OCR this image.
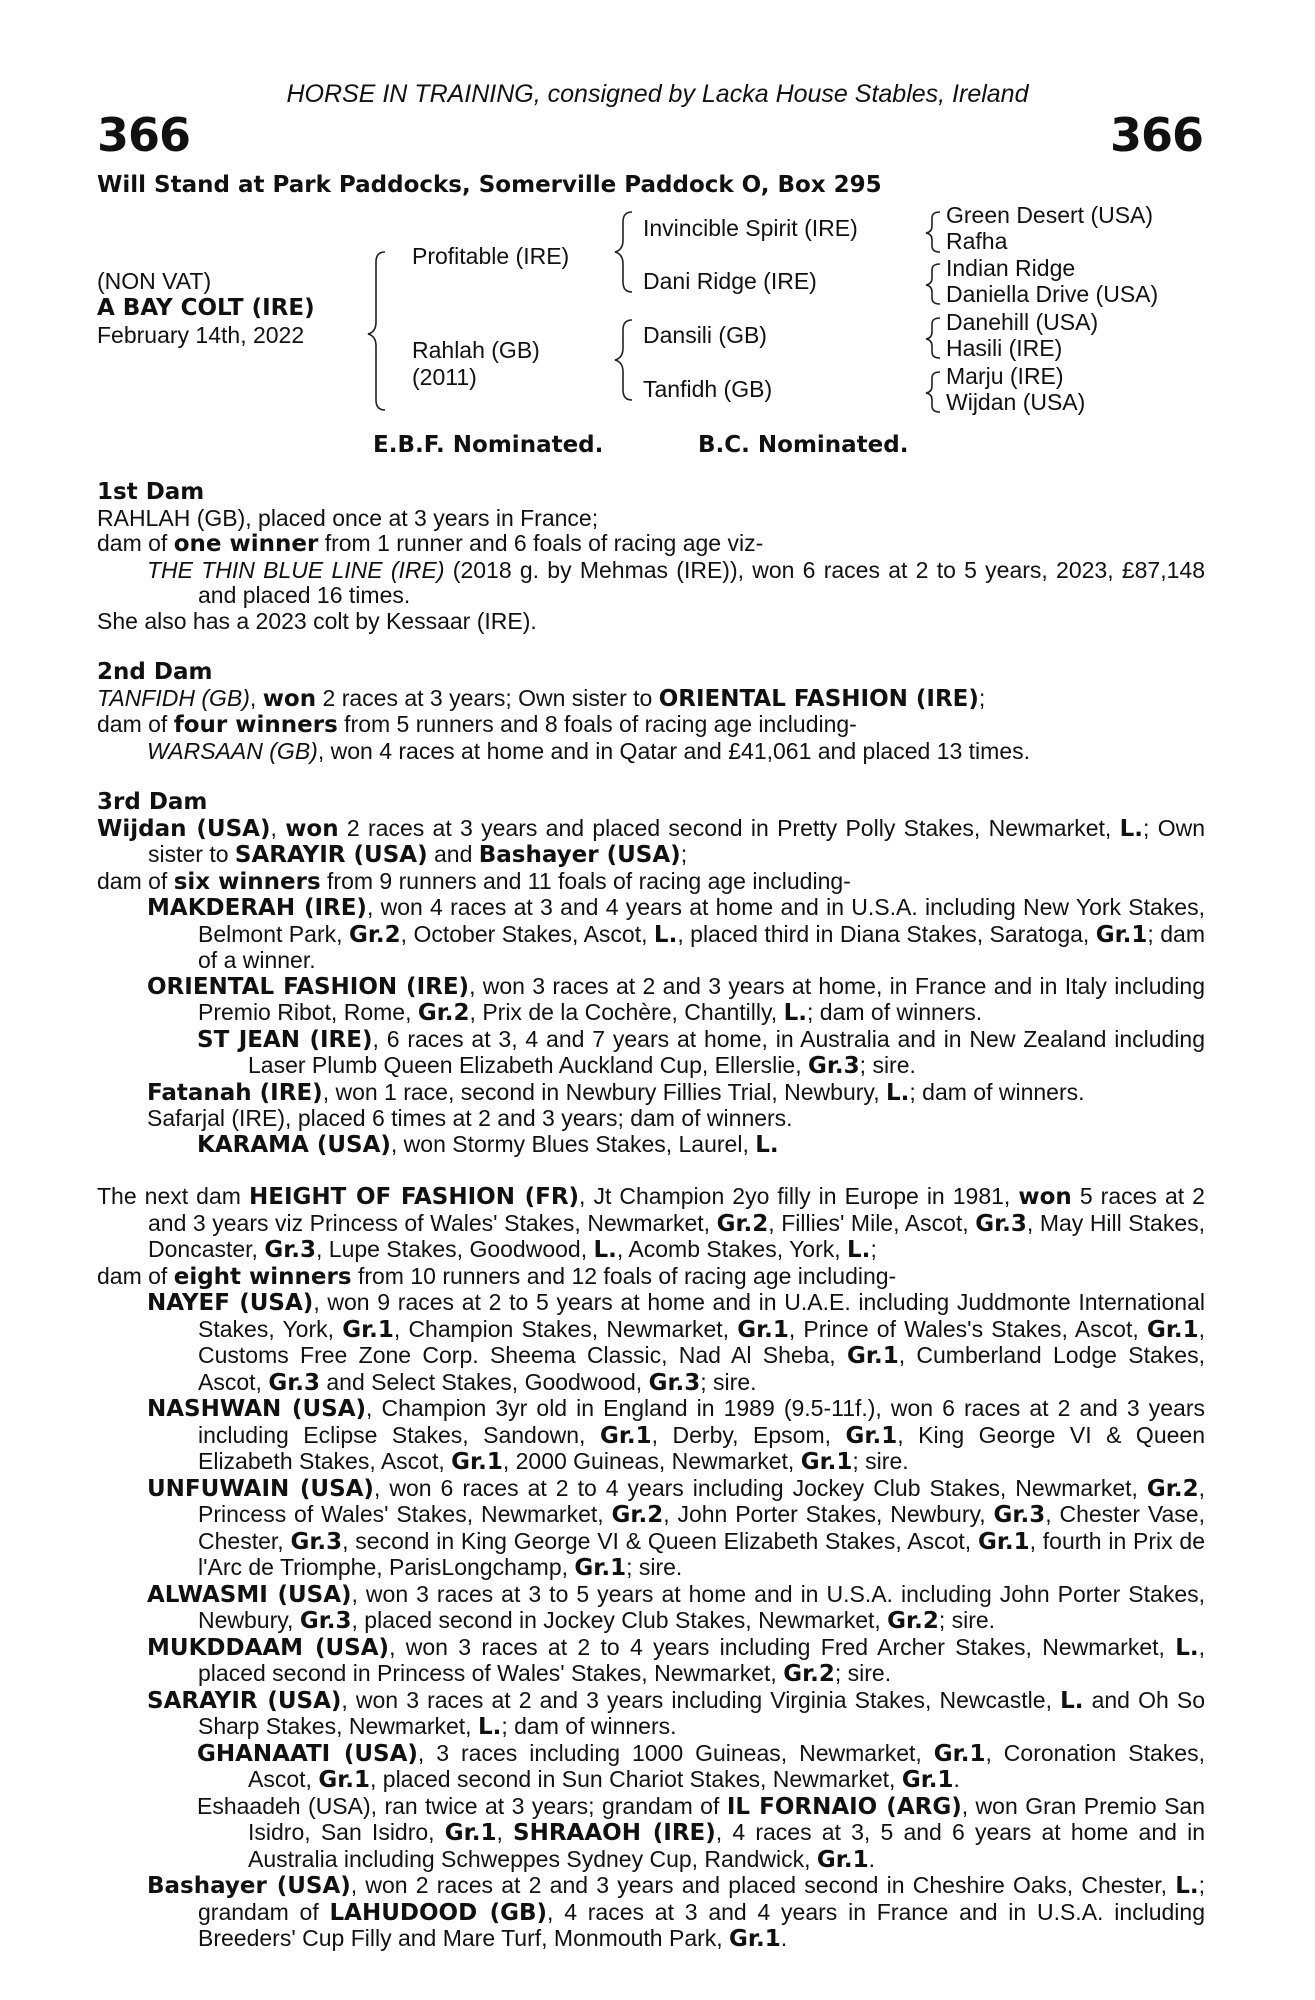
HORSE IN TRAINING, consigned by Lacka House Stables, Ireland
366	366
Will Stand at Park Paddocks, Somerville Paddock O, Box 295
(NON VAT)
A BAY COLT (IRE)
February 14th, 2022
Profitable (IRE)
Rahlah (GB)
(2011)
Invincible Spirit (IRE)
Dani Ridge (IRE)
Dansili (GB)
Tanfidh (GB)
Green Desert (USA)
Rafha
Indian Ridge
Daniella Drive (USA)
Danehill (USA)
Hasili (IRE)
Marju (IRE)
Wijdan (USA)
E.B.F. Nominated.	B.C. Nominated.

1st Dam

RAHLAH (GB), placed once at 3 years in France;

dam of one winner from 1 runner and 6 foals of racing age viz-

THE THIN BLUE LINE (IRE) (2018 g. by Mehmas (IRE)), won 6 races at 2 to 5 years, 2023, £87,148 and placed 16 times.

She also has a 2023 colt by Kessaar (IRE).

2nd Dam

TANFIDH (GB), won 2 races at 3 years; Own sister to ORIENTAL FASHION (IRE);

dam of four winners from 5 runners and 8 foals of racing age including-

WARSAAN (GB), won 4 races at home and in Qatar and £41,061 and placed 13 times.

3rd Dam

Wijdan (USA), won 2 races at 3 years and placed second in Pretty Polly Stakes, Newmarket, L.; Own sister to SARAYIR (USA) and Bashayer (USA);

dam of six winners from 9 runners and 11 foals of racing age including-

MAKDERAH (IRE), won 4 races at 3 and 4 years at home and in U.S.A. including New York Stakes, Belmont Park, Gr.2, October Stakes, Ascot, L., placed third in Diana Stakes, Saratoga, Gr.1; dam of a winner.

ORIENTAL FASHION (IRE), won 3 races at 2 and 3 years at home, in France and in Italy including Premio Ribot, Rome, Gr.2, Prix de la Cochère, Chantilly, L.; dam of winners.

ST JEAN (IRE), 6 races at 3, 4 and 7 years at home, in Australia and in New Zealand including Laser Plumb Queen Elizabeth Auckland Cup, Ellerslie, Gr.3; sire.

Fatanah (IRE), won 1 race, second in Newbury Fillies Trial, Newbury, L.; dam of winners.

Safarjal (IRE), placed 6 times at 2 and 3 years; dam of winners.

KARAMA (USA), won Stormy Blues Stakes, Laurel, L.

The next dam HEIGHT OF FASHION (FR), Jt Champion 2yo filly in Europe in 1981, won 5 races at 2 and 3 years viz Princess of Wales' Stakes, Newmarket, Gr.2, Fillies' Mile, Ascot, Gr.3, May Hill Stakes, Doncaster, Gr.3, Lupe Stakes, Goodwood, L., Acomb Stakes, York, L.;

dam of eight winners from 10 runners and 12 foals of racing age including-

NAYEF (USA), won 9 races at 2 to 5 years at home and in U.A.E. including Juddmonte International Stakes, York, Gr.1, Champion Stakes, Newmarket, Gr.1, Prince of Wales's Stakes, Ascot, Gr.1, Customs Free Zone Corp. Sheema Classic, Nad Al Sheba, Gr.1, Cumberland Lodge Stakes, Ascot, Gr.3 and Select Stakes, Goodwood, Gr.3; sire.

NASHWAN (USA), Champion 3yr old in England in 1989 (9.5-11f.), won 6 races at 2 and 3 years including Eclipse Stakes, Sandown, Gr.1, Derby, Epsom, Gr.1, King George VI & Queen Elizabeth Stakes, Ascot, Gr.1, 2000 Guineas, Newmarket, Gr.1; sire.

UNFUWAIN (USA), won 6 races at 2 to 4 years including Jockey Club Stakes, Newmarket, Gr.2, Princess of Wales' Stakes, Newmarket, Gr.2, John Porter Stakes, Newbury, Gr.3, Chester Vase, Chester, Gr.3, second in King George VI & Queen Elizabeth Stakes, Ascot, Gr.1, fourth in Prix de l'Arc de Triomphe, ParisLongchamp, Gr.1; sire.

ALWASMI (USA), won 3 races at 3 to 5 years at home and in U.S.A. including John Porter Stakes, Newbury, Gr.3, placed second in Jockey Club Stakes, Newmarket, Gr.2; sire.

MUKDDAAM (USA), won 3 races at 2 to 4 years including Fred Archer Stakes, Newmarket, L., placed second in Princess of Wales' Stakes, Newmarket, Gr.2; sire.

SARAYIR (USA), won 3 races at 2 and 3 years including Virginia Stakes, Newcastle, L. and Oh So Sharp Stakes, Newmarket, L.; dam of winners.

GHANAATI (USA), 3 races including 1000 Guineas, Newmarket, Gr.1, Coronation Stakes, Ascot, Gr.1, placed second in Sun Chariot Stakes, Newmarket, Gr.1.

Eshaadeh (USA), ran twice at 3 years; grandam of IL FORNAIO (ARG), won Gran Premio San Isidro, San Isidro, Gr.1, SHRAAOH (IRE), 4 races at 3, 5 and 6 years at home and in Australia including Schweppes Sydney Cup, Randwick, Gr.1.

Bashayer (USA), won 2 races at 2 and 3 years and placed second in Cheshire Oaks, Chester, L.; grandam of LAHUDOOD (GB), 4 races at 3 and 4 years in France and in U.S.A. including Breeders' Cup Filly and Mare Turf, Monmouth Park, Gr.1.
